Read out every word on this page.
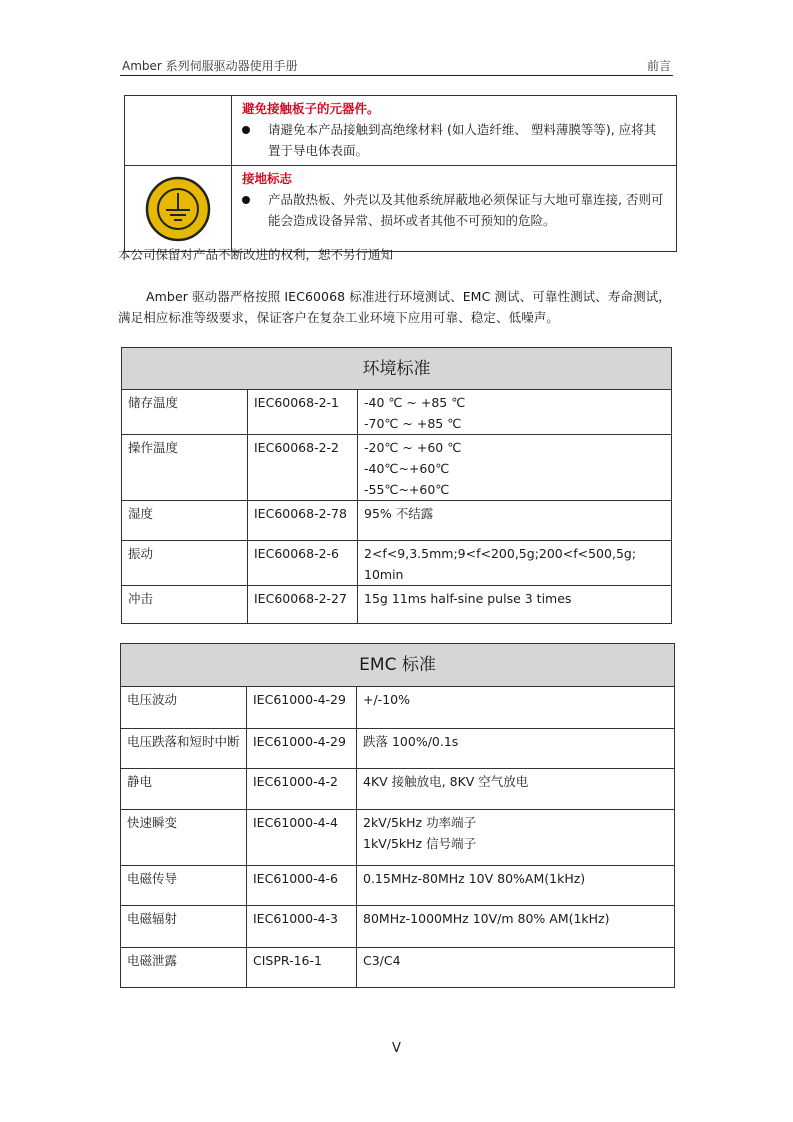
Amber 系列伺服驱动器使用手册	前言

	避免接触板子的元器件。
请避免本产品接触到高绝缘材料 (如人造纤维、 塑料薄膜等等), 应将其置于导电体表面。

接地标志
产品散热板、外壳以及其他系统屏蔽地必须保证与大地可靠连接, 否则可能会造成设备异常、损坏或者其他不可预知的危险。
本公司保留对产品不断改进的权利，恕不另行通知
Amber 驱动器严格按照 IEC60068 标准进行环境测试、EMC 测试、可靠性测试、寿命测试，满足相应标准等级要求，保证客户在复杂工业环境下应用可靠、稳定、低噪声。
环境标准		
储存温度	IEC60068-2-1	-40 ℃ ~ +85 ℃
-70℃ ~ +85 ℃

操作温度	IEC60068-2-2	-20℃ ~ +60 ℃
-40℃~+60℃
-55℃~+60℃

湿度	IEC60068-2-78	95% 不结露

振动	IEC60068-2-6	2<f<9,3.5mm;9<f<200,5g;200<f<500,5g;
10min

冲击	IEC60068-2-27	15g 11ms half-sine pulse 3 times
EMC 标准		
电压波动	IEC61000-4-29	+/-10%

电压跌落和短时中断	IEC61000-4-29	跌落 100%/0.1s

静电	IEC61000-4-2	4KV 接触放电, 8KV 空气放电

快速瞬变	IEC61000-4-4	2kV/5kHz 功率端子
1kV/5kHz 信号端子

电磁传导	IEC61000-4-6	0.15MHz-80MHz 10V 80%AM(1kHz)

电磁辐射	IEC61000-4-3	80MHz-1000MHz 10V/m 80% AM(1kHz)

电磁泄露	CISPR-16-1	C3/C4
V
